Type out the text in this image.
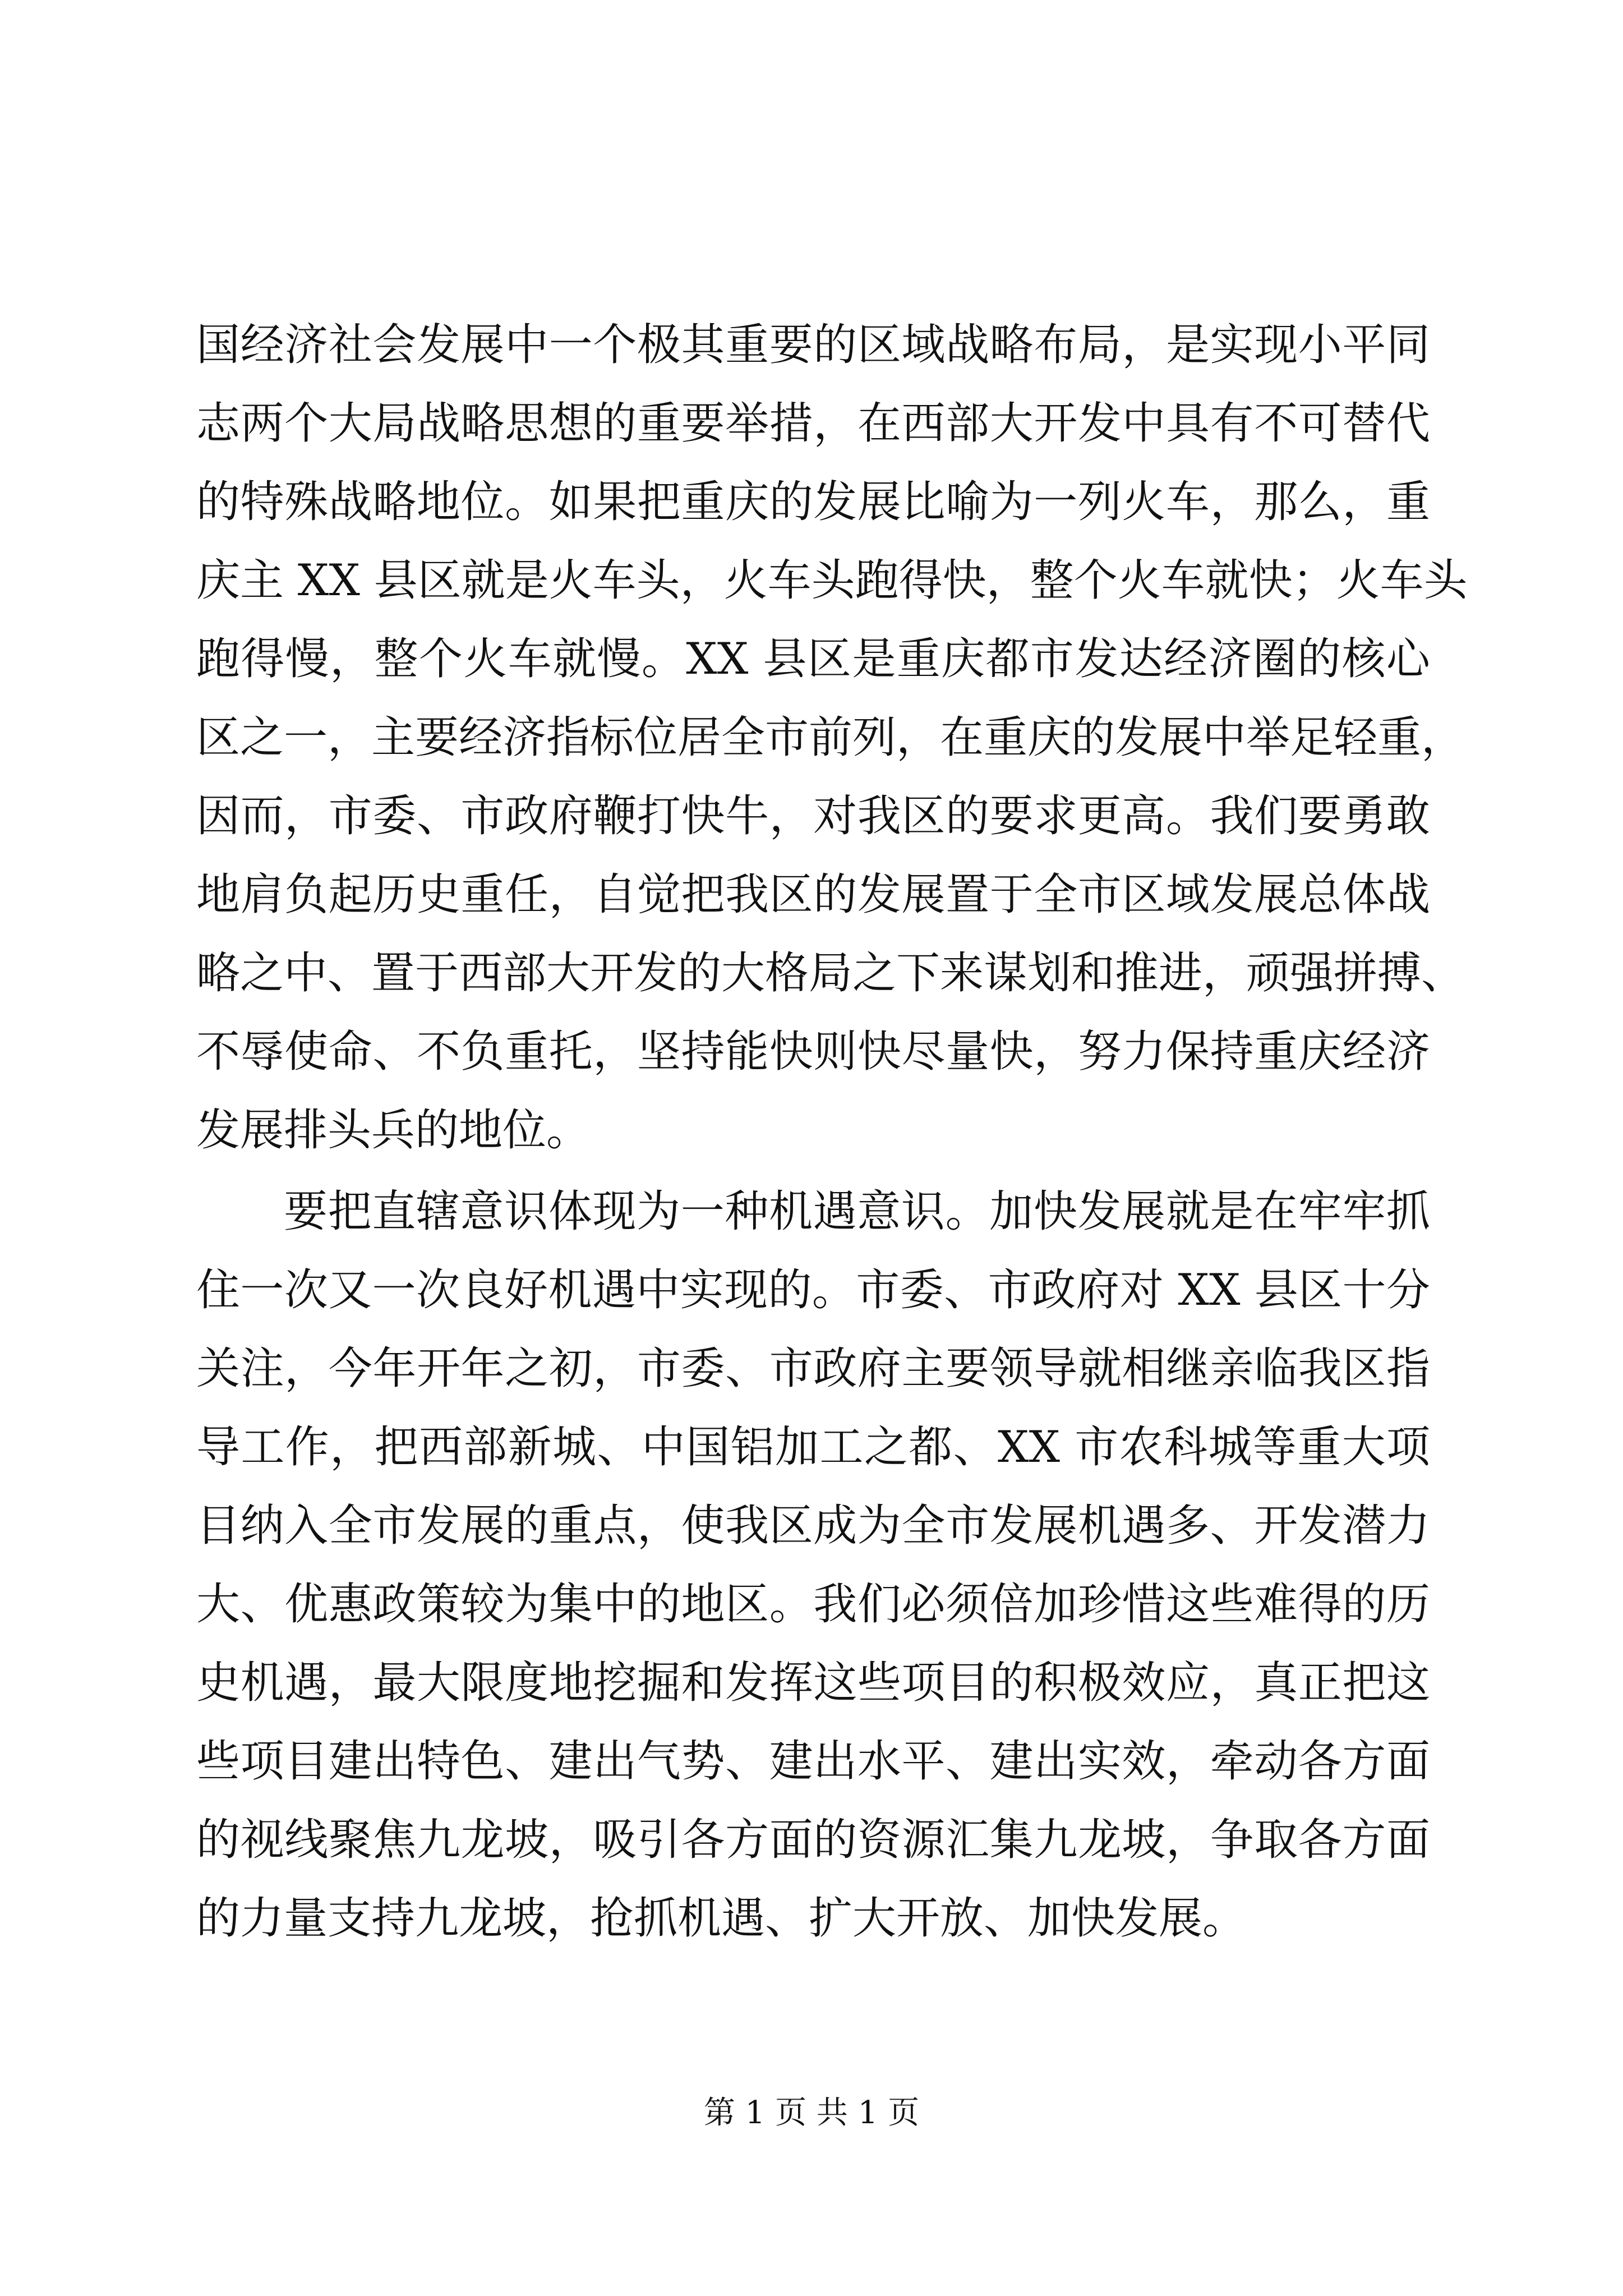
国经济社会发展中一个极其重要的区域战略布局，是实现小平同
志两个大局战略思想的重要举措，在西部大开发中具有不可替代
的特殊战略地位。如果把重庆的发展比喻为一列火车，那么，重
庆主 XX 县区就是火车头，火车头跑得快，整个火车就快；火车头
跑得慢，整个火车就慢。XX 县区是重庆都市发达经济圈的核心
区之一，主要经济指标位居全市前列，在重庆的发展中举足轻重，
因而，市委、市政府鞭打快牛，对我区的要求更高。我们要勇敢
地肩负起历史重任，自觉把我区的发展置于全市区域发展总体战
略之中、置于西部大开发的大格局之下来谋划和推进，顽强拼搏、
不辱使命、不负重托，坚持能快则快尽量快，努力保持重庆经济
发展排头兵的地位。
要把直辖意识体现为一种机遇意识。加快发展就是在牢牢抓
住一次又一次良好机遇中实现的。市委、市政府对 XX 县区十分
关注，今年开年之初，市委、市政府主要领导就相继亲临我区指
导工作，把西部新城、中国铝加工之都、XX 市农科城等重大项
目纳入全市发展的重点，使我区成为全市发展机遇多、开发潜力
大、优惠政策较为集中的地区。我们必须倍加珍惜这些难得的历
史机遇，最大限度地挖掘和发挥这些项目的积极效应，真正把这
些项目建出特色、建出气势、建出水平、建出实效，牵动各方面
的视线聚焦九龙坡，吸引各方面的资源汇集九龙坡，争取各方面
的力量支持九龙坡，抢抓机遇、扩大开放、加快发展。
第 1 页 共 1 页
